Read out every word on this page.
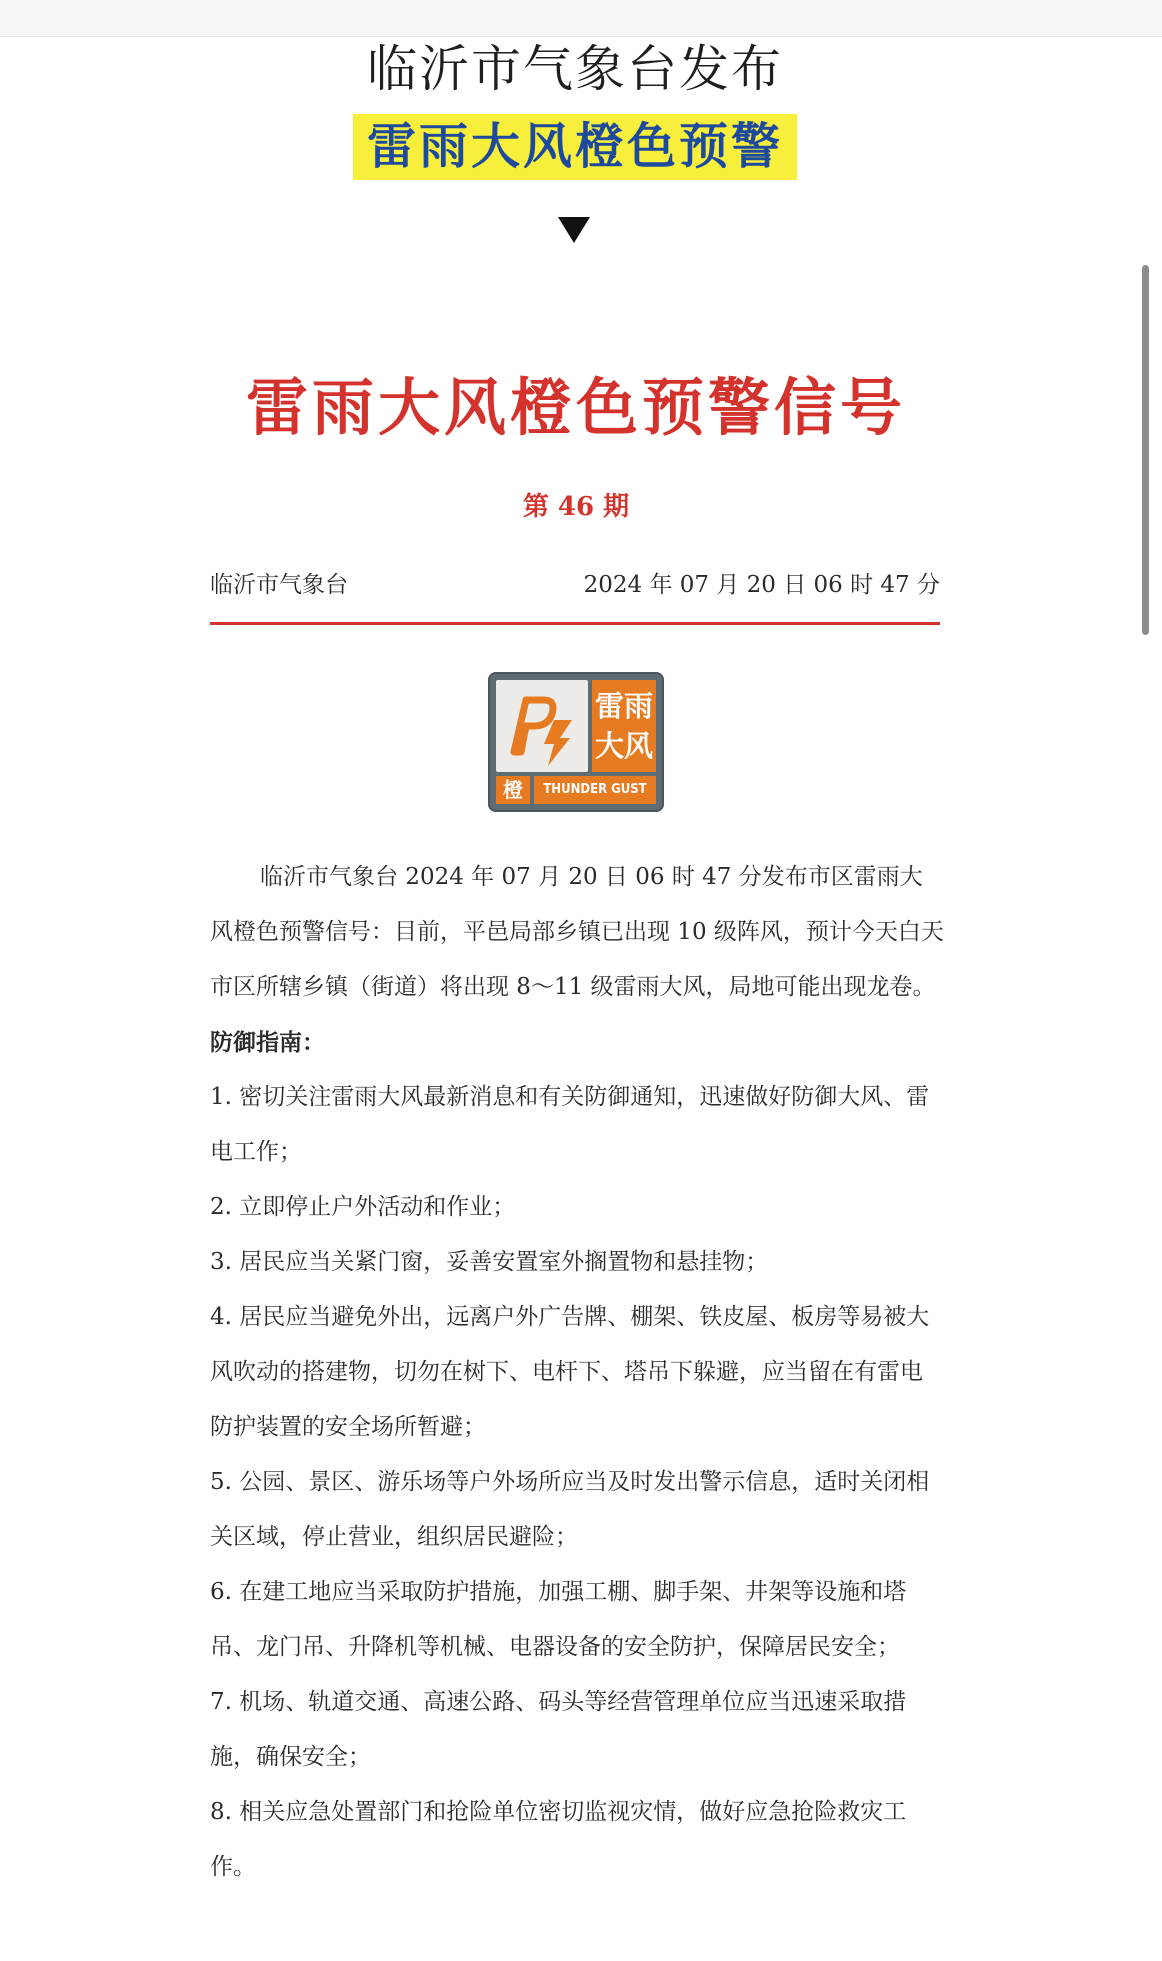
临沂市气象台发布
雷雨大风橙色预警
雷雨大风橙色预警信号
第 46 期
临沂市气象台	2024 年 07 月 20 日 06 时 47 分
雷雨
大风
橙	THUNDER GUST

临沂市气象台 2024 年 07 月 20 日 06 时 47 分发布市区雷雨大风橙色预警信号：目前，平邑局部乡镇已出现 10 级阵风，预计今天白天市区所辖乡镇（街道）将出现 8～11 级雷雨大风，局地可能出现龙卷。

防御指南：

1. 密切关注雷雨大风最新消息和有关防御通知，迅速做好防御大风、雷电工作；

2. 立即停止户外活动和作业；

3. 居民应当关紧门窗，妥善安置室外搁置物和悬挂物；

4. 居民应当避免外出，远离户外广告牌、棚架、铁皮屋、板房等易被大风吹动的搭建物，切勿在树下、电杆下、塔吊下躲避，应当留在有雷电防护装置的安全场所暂避；

5. 公园、景区、游乐场等户外场所应当及时发出警示信息，适时关闭相关区域，停止营业，组织居民避险；

6. 在建工地应当采取防护措施，加强工棚、脚手架、井架等设施和塔吊、龙门吊、升降机等机械、电器设备的安全防护，保障居民安全；

7. 机场、轨道交通、高速公路、码头等经营管理单位应当迅速采取措施，确保安全；

8. 相关应急处置部门和抢险单位密切监视灾情，做好应急抢险救灾工作。
